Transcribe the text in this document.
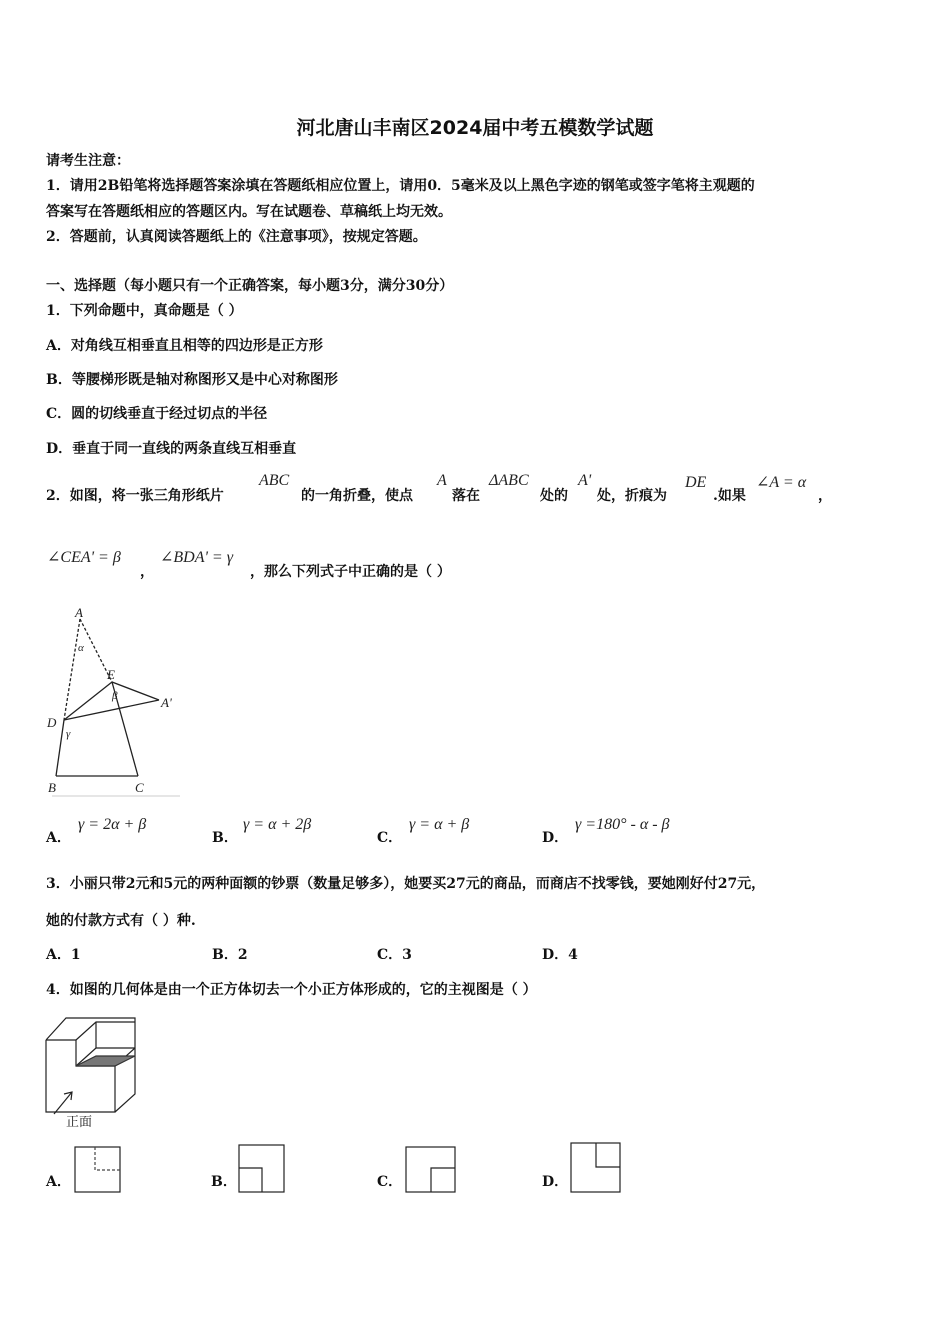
河北唐山丰南区2024届中考五模数学试题
请考生注意：
1．请用2B铅笔将选择题答案涂填在答题纸相应位置上，请用0．5毫米及以上黑色字迹的钢笔或签字笔将主观题的
答案写在答题纸相应的答题区内。写在试题卷、草稿纸上均无效。
2．答题前，认真阅读答题纸上的《注意事项》，按规定答题。
一、选择题（每小题只有一个正确答案，每小题3分，满分30分）
1．下列命题中，真命题是（ ）
A．对角线互相垂直且相等的四边形是正方形
B．等腰梯形既是轴对称图形又是中心对称图形
C．圆的切线垂直于经过切点的半径
D．垂直于同一直线的两条直线互相垂直
2．如图，将一张三角形纸片
ABC
的一角折叠，使点
A
落在
ΔABC
处的
A'
处，折痕为
DE
.如果
∠A = α
，
∠CEA' = β
，
∠BDA' = γ
，那么下列式子中正确的是（ ）
A
α
E
β	A'
D
γ
B	C
A．
γ = 2α + β
B．
γ = α + 2β
C．
γ = α + β
D．
γ =180° - α - β
3．小丽只带2元和5元的两种面额的钞票（数量足够多），她要买27元的商品，而商店不找零钱，要她刚好付27元，
她的付款方式有（ ）种.
A．1	B．2	C．3	D．4
4．如图的几何体是由一个正方体切去一个小正方体形成的，它的主视图是（ ）
正面
A．	B．	C．	D．
